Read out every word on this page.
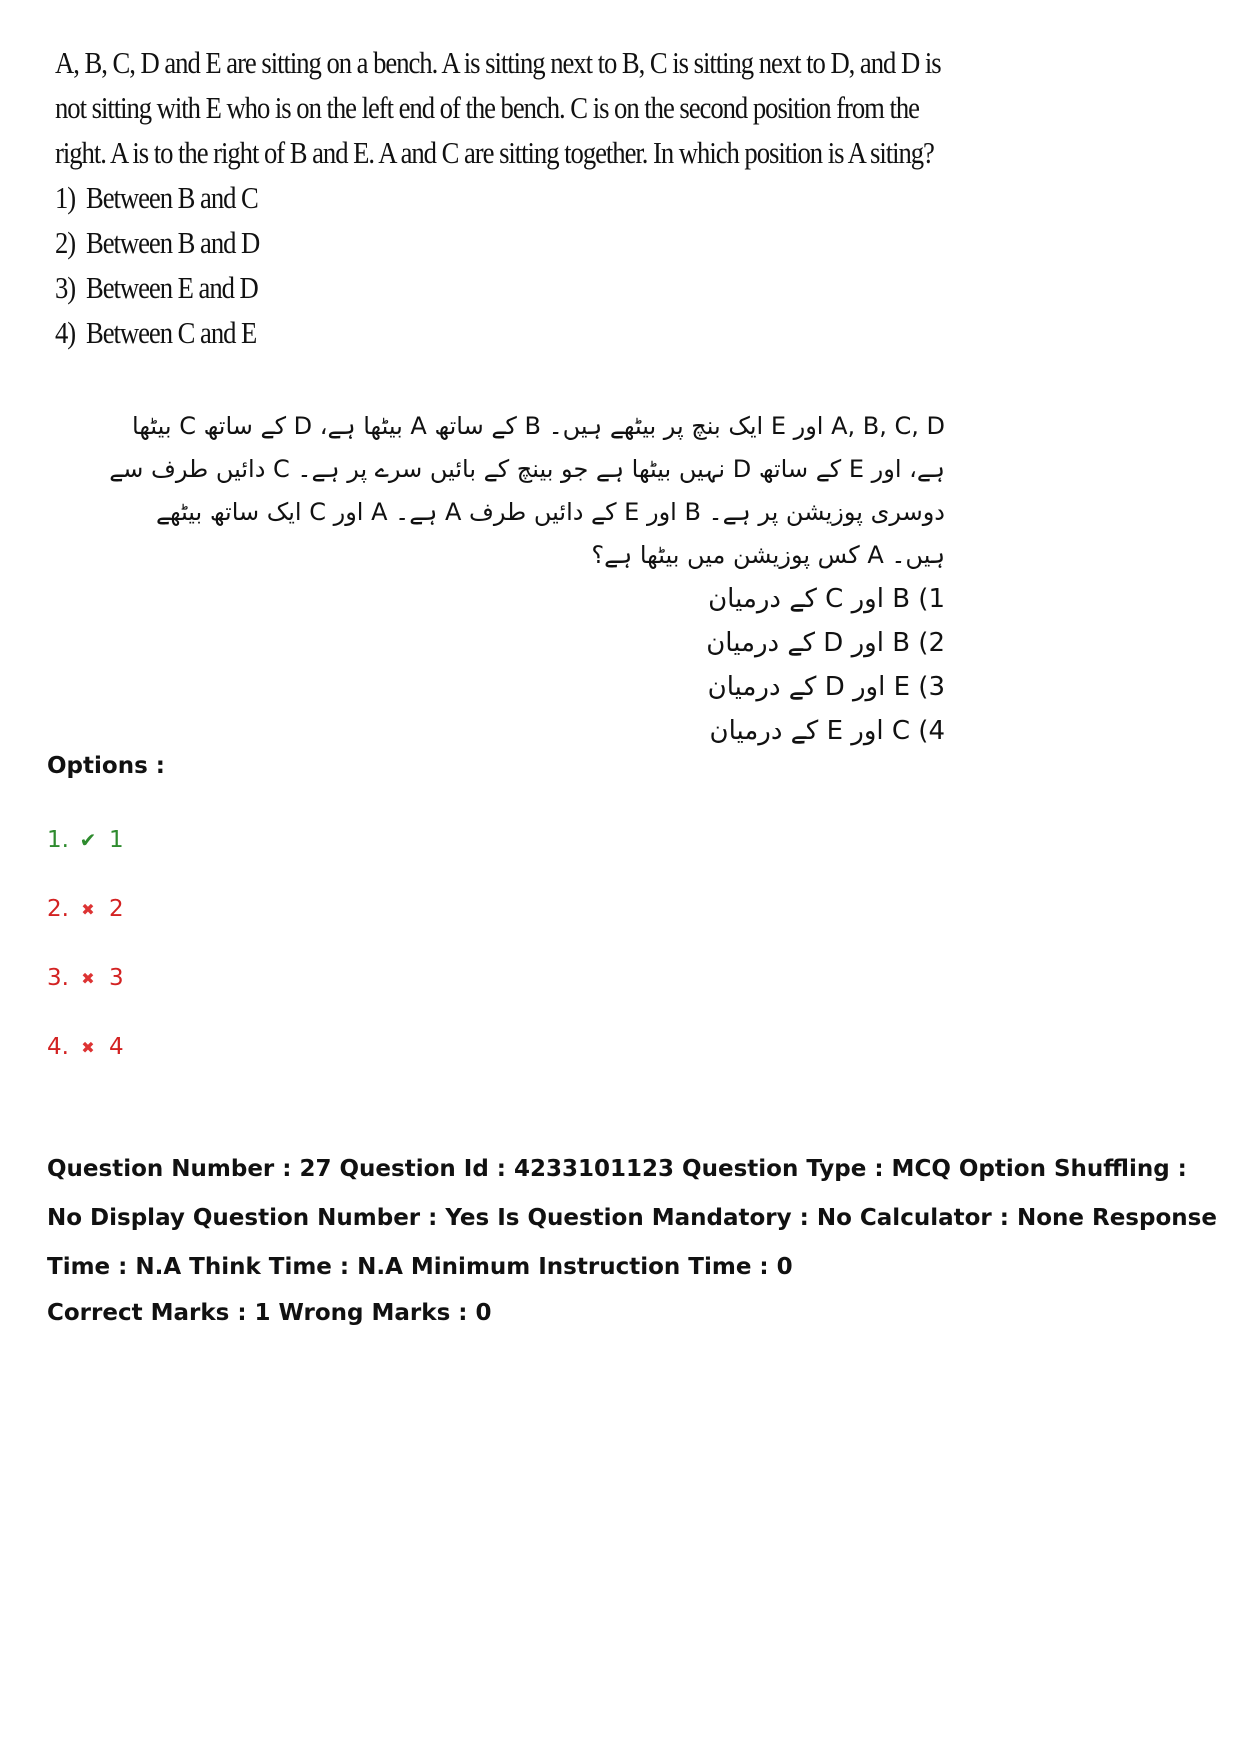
A, B, C, D and E are sitting on a bench. A is sitting next to B, C is sitting next to D, and D is
not sitting with E who is on the left end of the bench. C is on the second position from the
right. A is to the right of B and E. A and C are sitting together. In which position is A siting?
1) Between B and C
2) Between B and D
3) Between E and D
4) Between C and E
A, B, C, D اور E ایک بنچ پر بیٹھے ہیں۔ B کے ساتھ A بیٹھا ہے، D کے ساتھ C بیٹھا ہے، اور E کے ساتھ D نہیں بیٹھا ہے جو بینچ کے بائیں سرے پر ہے۔ C دائیں طرف سے دوسری پوزیشن پر ہے۔ B اور E کے دائیں طرف A ہے۔ A اور C ایک ساتھ بیٹھے ہیں۔ A کس پوزیشن میں بیٹھا ہے؟
1) B اور C کے درمیان
2) B اور D کے درمیان
3) E اور D کے درمیان
4) C اور E کے درمیان
Options :
1. ✔ 1
2. ✖ 2
3. ✖ 3
4. ✖ 4
Question Number : 27 Question Id : 4233101123 Question Type : MCQ Option Shuffling : No Display Question Number : Yes Is Question Mandatory : No Calculator : None Response Time : N.A Think Time : N.A Minimum Instruction Time : 0
Correct Marks : 1 Wrong Marks : 0
